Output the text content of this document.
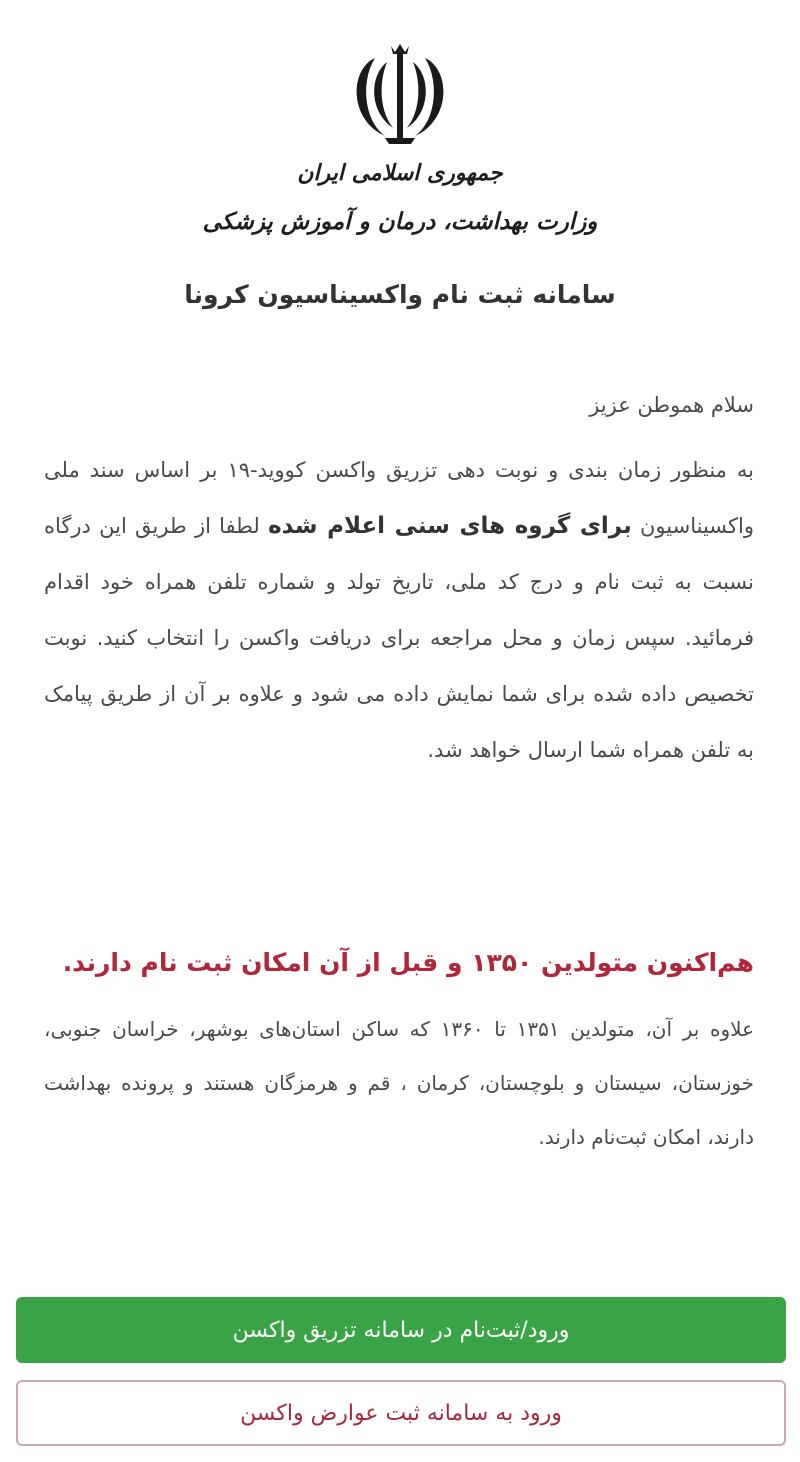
جمهوری اسلامی ایران
وزارت بهداشت، درمان و آموزش پزشکی
سامانه ثبت نام واکسیناسیون کرونا
سلام هموطن عزیز
به منظور زمان بندی و نوبت دهی تزریق واکسن کووید-۱۹ بر اساس سند ملی واکسیناسیون برای گروه های سنی اعلام شده لطفا از طریق این درگاه نسبت به ثبت نام و درج کد ملی، تاریخ تولد و شماره تلفن همراه خود اقدام فرمائید. سپس زمان و محل مراجعه برای دریافت واکسن را انتخاب کنید. نوبت تخصیص داده شده برای شما نمایش داده می شود و علاوه بر آن از طریق پیامک به تلفن همراه شما ارسال خواهد شد.
هم‌اکنون متولدین ۱۳۵۰ و قبل از آن امکان ثبت نام دارند.
علاوه بر آن، متولدین ۱۳۵۱ تا ۱۳۶۰ که ساکن استان‌های بوشهر، خراسان جنوبی، خوزستان، سیستان و بلوچستان، کرمان ، قم و هرمزگان هستند و پرونده بهداشت دارند، امکان ثبت‌نام دارند.
ورود/ثبت‌نام در سامانه تزریق واکسن
ورود به سامانه ثبت عوارض واکسن
